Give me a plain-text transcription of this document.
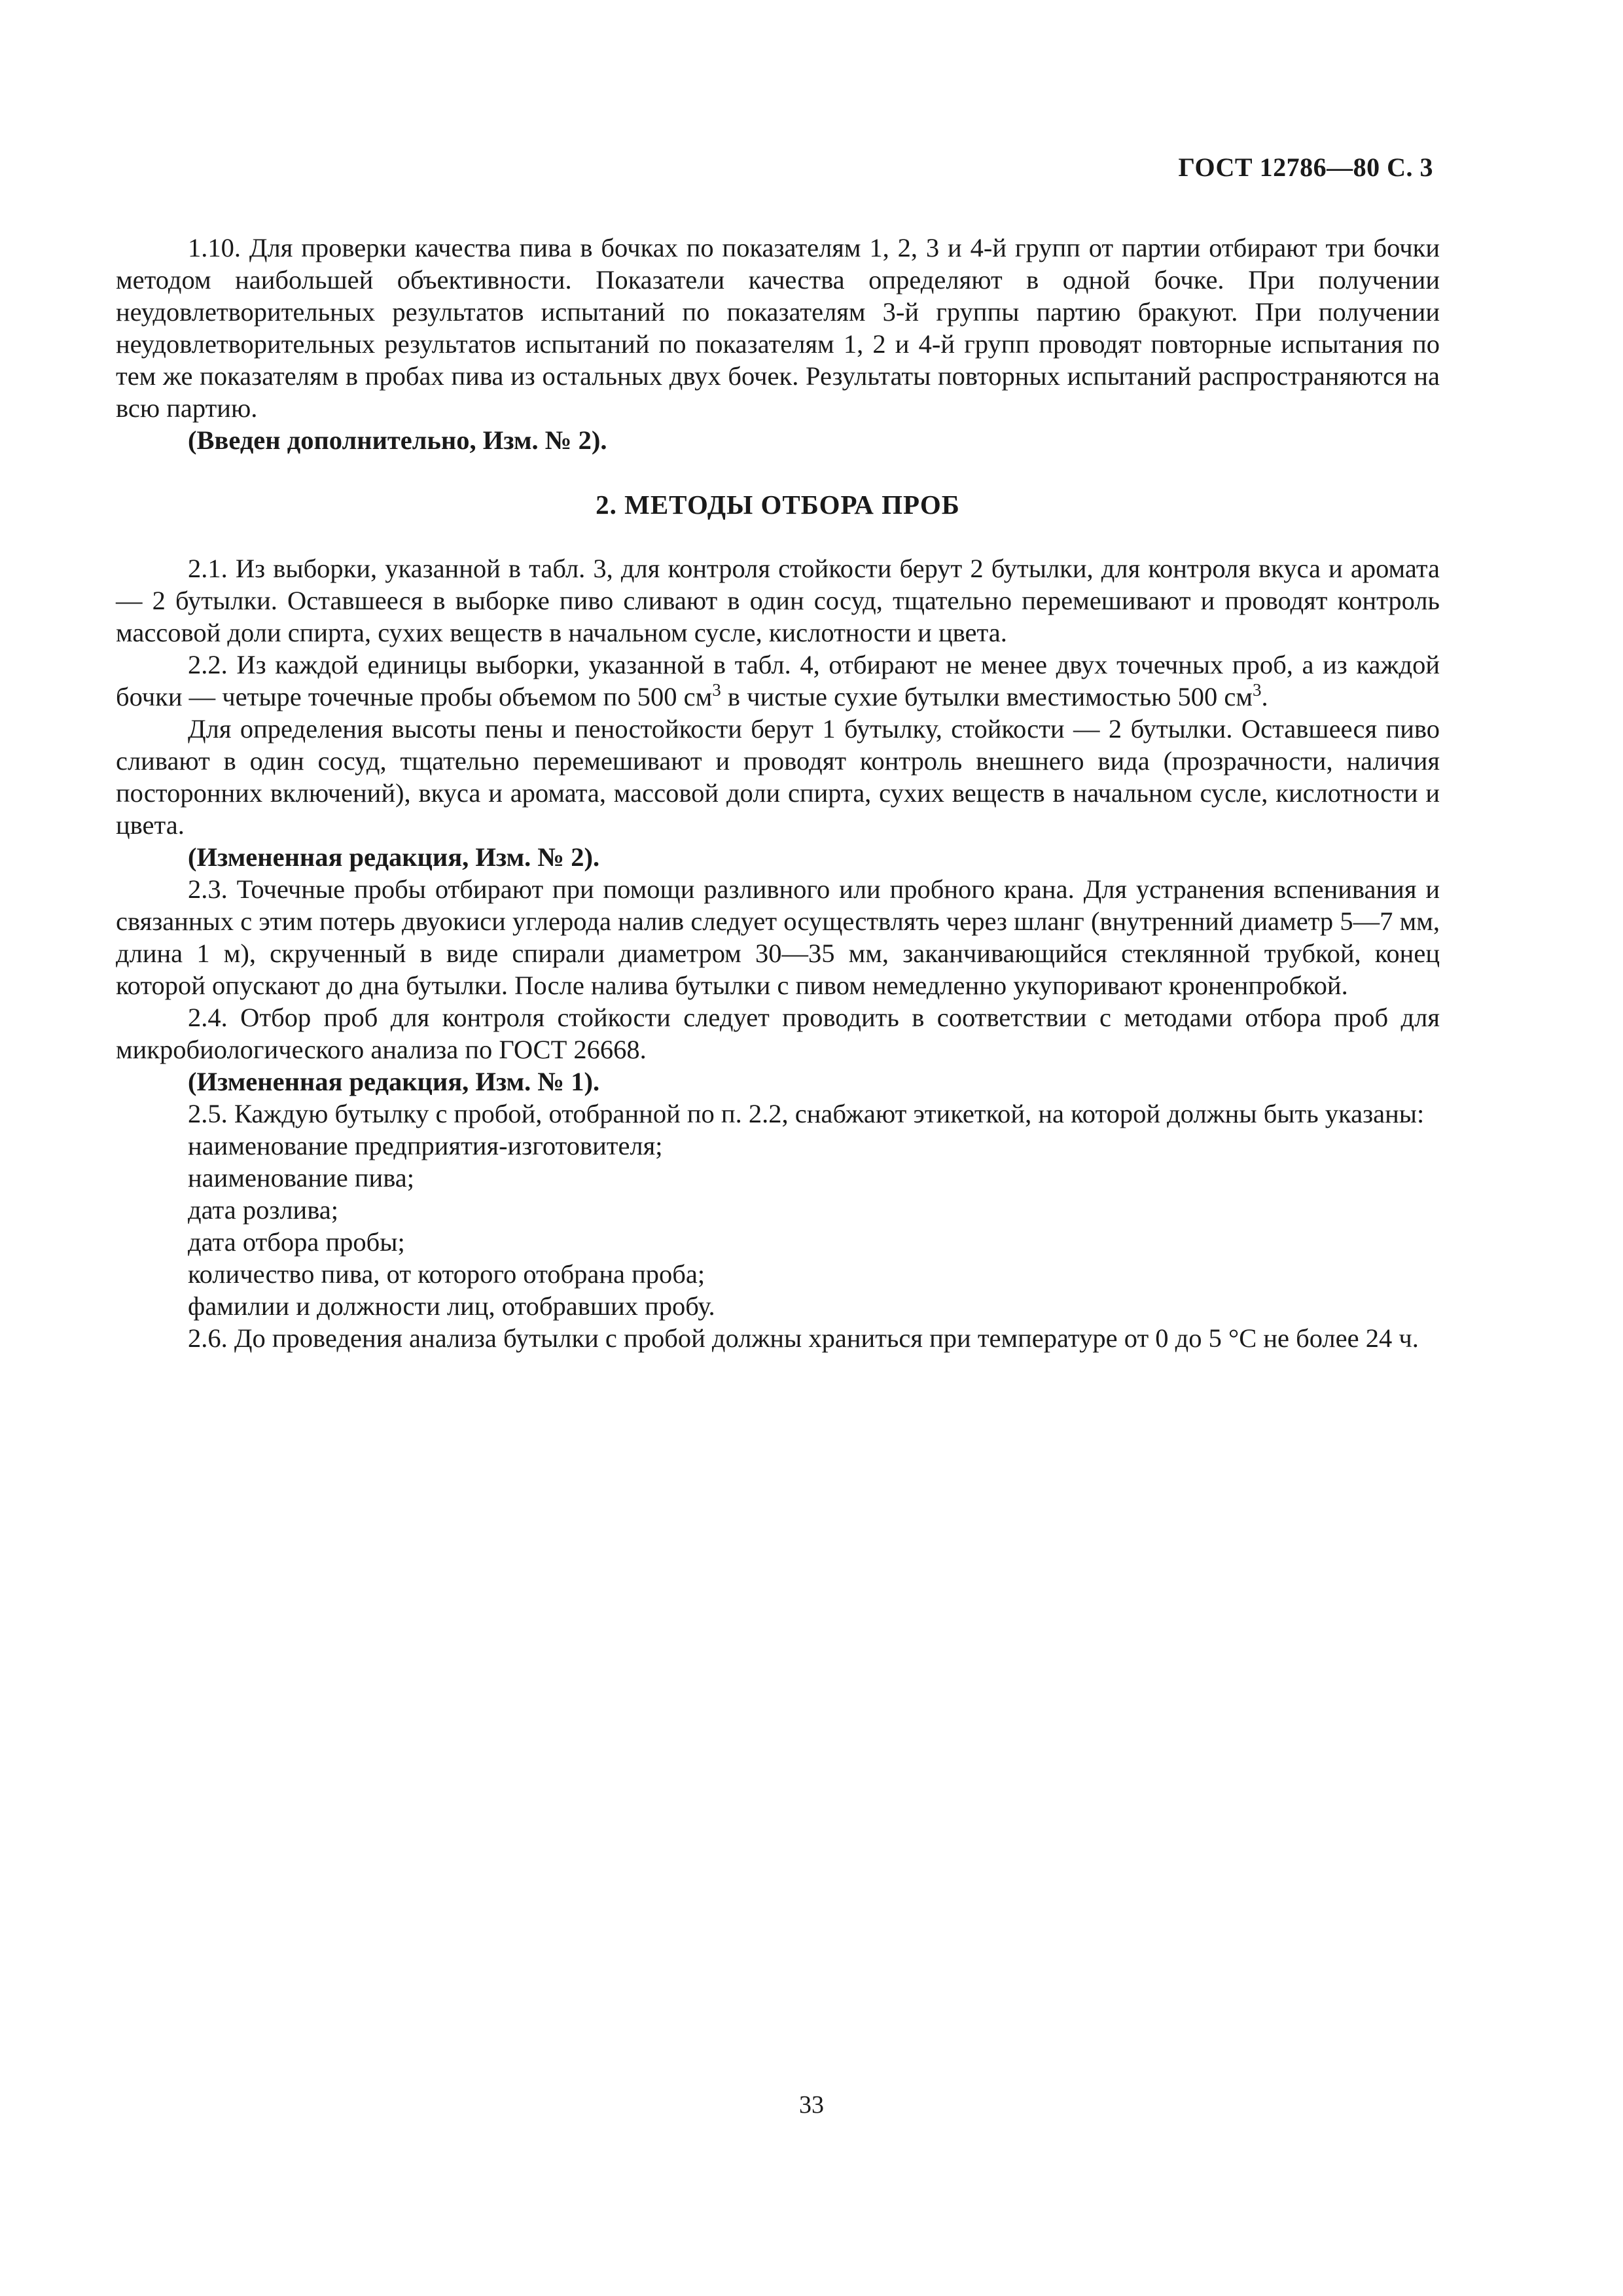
ГОСТ 12786—80 С. 3

1.10. Для проверки качества пива в бочках по показателям 1, 2, 3 и 4-й групп от партии отбирают три бочки методом наибольшей объективности. Показатели качества определяют в одной бочке. При получении неудовлетворительных результатов испытаний по показателям 3-й группы партию бракуют. При получении неудовлетворительных результатов испытаний по показателям 1, 2 и 4-й групп проводят повторные испытания по тем же показателям в пробах пива из остальных двух бочек. Результаты повторных испытаний распространяются на всю партию.

(Введен дополнительно, Изм. № 2).

2. МЕТОДЫ ОТБОРА ПРОБ

2.1. Из выборки, указанной в табл. 3, для контроля стойкости берут 2 бутылки, для контроля вкуса и аромата — 2 бутылки. Оставшееся в выборке пиво сливают в один сосуд, тщательно перемешивают и проводят контроль массовой доли спирта, сухих веществ в начальном сусле, кислотности и цвета.

2.2. Из каждой единицы выборки, указанной в табл. 4, отбирают не менее двух точечных проб, а из каждой бочки — четыре точечные пробы объемом по 500 $см^3$ в чистые сухие бутылки вместимостью 500 $см^3$.

Для определения высоты пены и пеностойкости берут 1 бутылку, стойкости — 2 бутылки. Оставшееся пиво сливают в один сосуд, тщательно перемешивают и проводят контроль внешнего вида (прозрачности, наличия посторонних включений), вкуса и аромата, массовой доли спирта, сухих веществ в начальном сусле, кислотности и цвета.

(Измененная редакция, Изм. № 2).

2.3. Точечные пробы отбирают при помощи разливного или пробного крана. Для устранения вспенивания и связанных с этим потерь двуокиси углерода налив следует осуществлять через шланг (внутренний диаметр 5—7 мм, длина 1 м), скрученный в виде спирали диаметром 30—35 мм, заканчивающийся стеклянной трубкой, конец которой опускают до дна бутылки. После налива бутылки с пивом немедленно укупоривают кроненпробкой.

2.4. Отбор проб для контроля стойкости следует проводить в соответствии с методами отбора проб для микробиологического анализа по ГОСТ 26668.

(Измененная редакция, Изм. № 1).

2.5. Каждую бутылку с пробой, отобранной по п. 2.2, снабжают этикеткой, на которой должны быть указаны:

наименование предприятия-изготовителя;

наименование пива;

дата розлива;

дата отбора пробы;

количество пива, от которого отобрана проба;

фамилии и должности лиц, отобравших пробу.

2.6. До проведения анализа бутылки с пробой должны храниться при температуре от 0 до 5 °С не более 24 ч.

33
